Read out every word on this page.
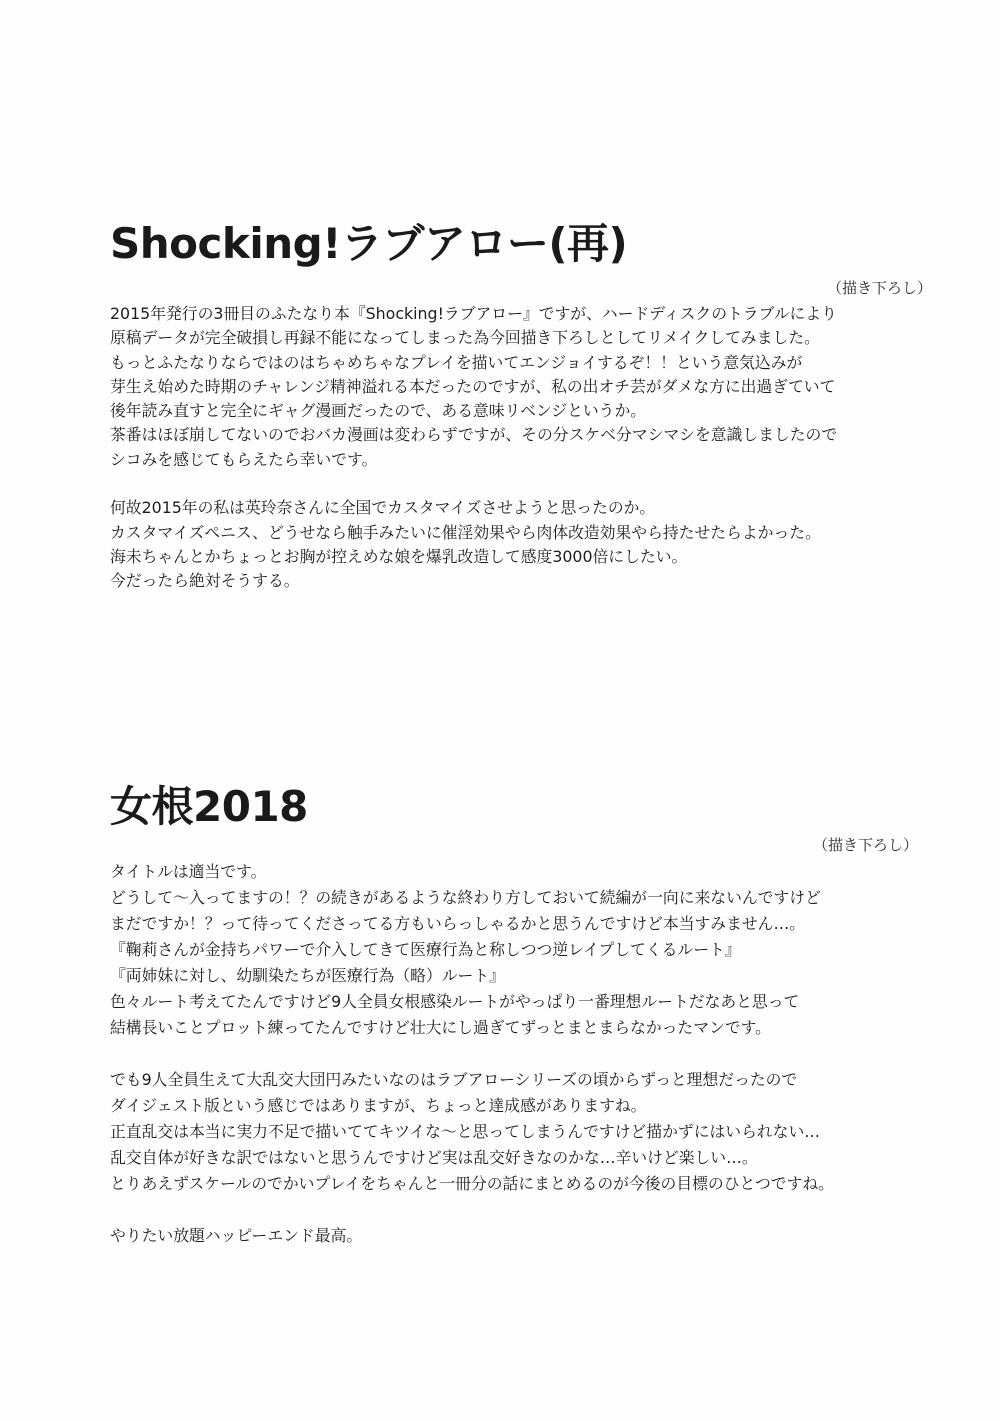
Shocking!ラブアロー(再)

（描き下ろし）

2015年発行の3冊目のふたなり本『Shocking!ラブアロー』ですが、ハードディスクのトラブルにより

原稿データが完全破損し再録不能になってしまった為今回描き下ろしとしてリメイクしてみました。

もっとふたなりならではのはちゃめちゃなプレイを描いてエンジョイするぞ！！という意気込みが

芽生え始めた時期のチャレンジ精神溢れる本だったのですが、私の出オチ芸がダメな方に出過ぎていて

後年読み直すと完全にギャグ漫画だったので、ある意味リベンジというか。

茶番はほぼ崩してないのでおバカ漫画は変わらずですが、その分スケベ分マシマシを意識しましたので

シコみを感じてもらえたら幸いです。

何故2015年の私は英玲奈さんに全国でカスタマイズさせようと思ったのか。

カスタマイズペニス、どうせなら触手みたいに催淫効果やら肉体改造効果やら持たせたらよかった。

海未ちゃんとかちょっとお胸が控えめな娘を爆乳改造して感度3000倍にしたい。

今だったら絶対そうする。

女根2018

（描き下ろし）

タイトルは適当です。

どうして～入ってますの！？の続きがあるような終わり方しておいて続編が一向に来ないんですけど

まだですか！？って待ってくださってる方もいらっしゃるかと思うんですけど本当すみません…。

『鞠莉さんが金持ちパワーで介入してきて医療行為と称しつつ逆レイプしてくるルート』

『両姉妹に対し、幼馴染たちが医療行為（略）ルート』

色々ルート考えてたんですけど9人全員女根感染ルートがやっぱり一番理想ルートだなあと思って

結構長いことプロット練ってたんですけど壮大にし過ぎてずっとまとまらなかったマンです。

でも9人全員生えて大乱交大団円みたいなのはラブアローシリーズの頃からずっと理想だったので

ダイジェスト版という感じではありますが、ちょっと達成感がありますね。

正直乱交は本当に実力不足で描いててキツイな～と思ってしまうんですけど描かずにはいられない…

乱交自体が好きな訳ではないと思うんですけど実は乱交好きなのかな…辛いけど楽しい…。

とりあえずスケールのでかいプレイをちゃんと一冊分の話にまとめるのが今後の目標のひとつですね。

やりたい放題ハッピーエンド最高。
